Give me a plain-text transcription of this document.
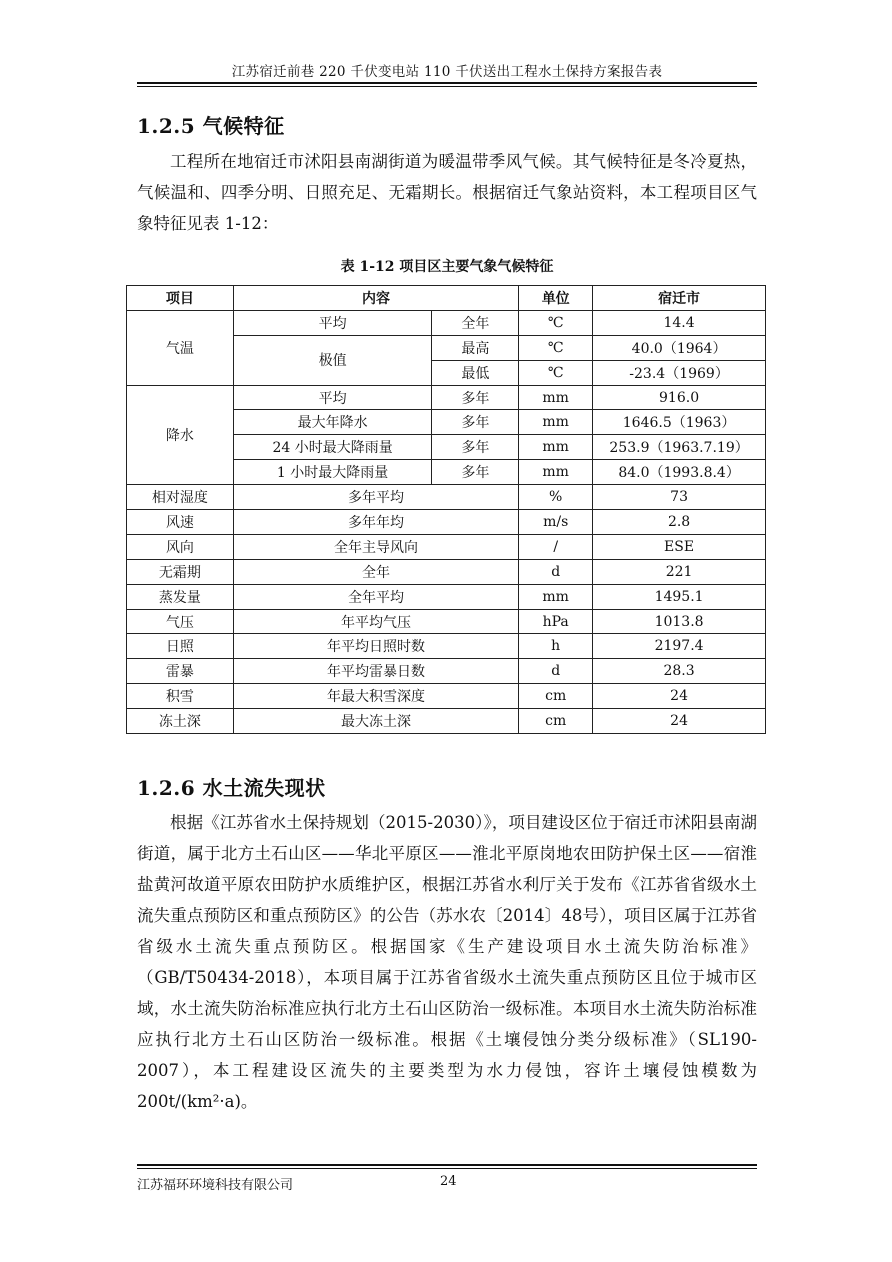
江苏宿迁前巷 220 千伏变电站 110 千伏送出工程水土保持方案报告表
1.2.5 气候特征
工程所在地宿迁市沭阳县南湖街道为暖温带季风气候。其气候特征是冬冷夏热，气候温和、四季分明、日照充足、无霜期长。根据宿迁气象站资料，本工程项目区气象特征见表 1-12：
表 1-12 项目区主要气象气候特征
项目	内容		单位	宿迁市
气温	平均	全年	℃	14.4
	极值	最高	℃	40.0（1964）
		最低	℃	-23.4（1969）
降水	平均	多年	mm	916.0
	最大年降水	多年	mm	1646.5（1963）
	24 小时最大降雨量	多年	mm	253.9（1963.7.19）
	1 小时最大降雨量	多年	mm	84.0（1993.8.4）
相对湿度	多年平均		%	73
风速	多年年均		m/s	2.8
风向	全年主导风向		/	ESE
无霜期	全年		d	221
蒸发量	全年平均		mm	1495.1
气压	年平均气压		hPa	1013.8
日照	年平均日照时数		h	2197.4
雷暴	年平均雷暴日数		d	28.3
积雪	年最大积雪深度		cm	24
冻土深	最大冻土深		cm	24
1.2.6 水土流失现状
根据《江苏省水土保持规划（2015-2030）》，项目建设区位于宿迁市沭阳县南湖街道，属于北方土石山区——华北平原区——淮北平原岗地农田防护保土区——宿淮盐黄河故道平原农田防护水质维护区，根据江苏省水利厅关于发布《江苏省省级水土流失重点预防区和重点预防区》的公告（苏水农〔2014〕48号），项目区属于江苏省省级水土流失重点预防区。根据国家《生产建设项目水土流失防治标准》（GB/T50434-2018），本项目属于江苏省省级水土流失重点预防区且位于城市区域，水土流失防治标准应执行北方土石山区防治一级标准。本项目水土流失防治标准应执行北方土石山区防治一级标准。根据《土壤侵蚀分类分级标准》（SL190-2007），本工程建设区流失的主要类型为水力侵蚀，容许土壤侵蚀模数为 200t/(km²·a)。
江苏福环环境科技有限公司	24
